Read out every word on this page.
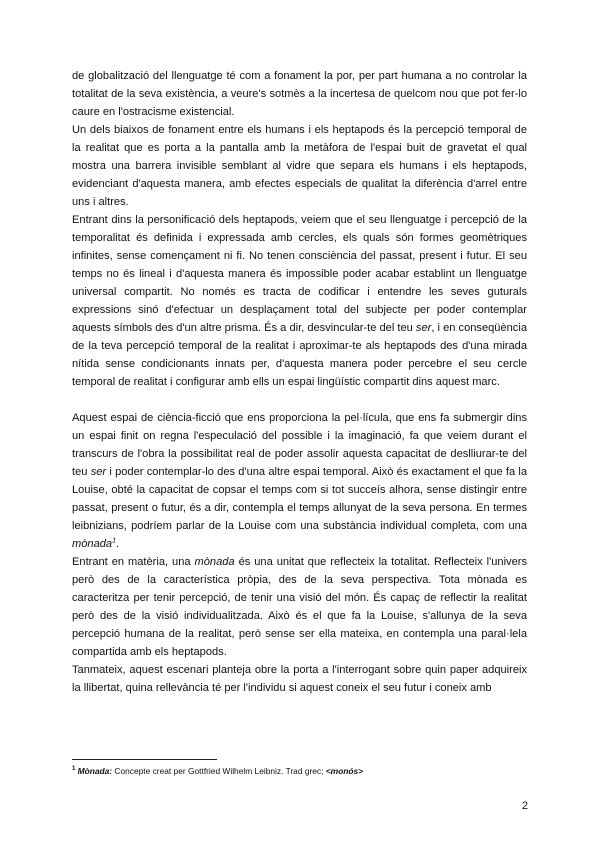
de globalització del llenguatge té com a fonament la por, per part humana a no controlar la totalitat de la seva existència, a veure's sotmès a la incertesa de quelcom nou que pot fer-lo caure en l'ostracisme existencial.

Un dels biaixos de fonament entre els humans i els heptapods és la percepció temporal de la realitat que es porta a la pantalla amb la metàfora de l'espai buit de gravetat el qual mostra una barrera invisible semblant al vidre que separa els humans i els heptapods, evidenciant d'aquesta manera, amb efectes especials de qualitat la diferència d'arrel entre uns i altres.

Entrant dins la personificació dels heptapods, veiem que el seu llenguatge i percepció de la temporalitat és definida i expressada amb cercles, els quals són formes geomètriques infinites, sense començament ni fi. No tenen consciència del passat, present i futur. El seu temps no és lineal i d'aquesta manera és impossible poder acabar establint un llenguatge universal compartit. No només es tracta de codificar i entendre les seves guturals expressions sinó d'efectuar un desplaçament total del subjecte per poder contemplar aquests símbols des d'un altre prisma. És a dir, desvincular-te del teu ser, i en conseqüència de la teva percepció temporal de la realitat i aproximar-te als heptapods des d'una mirada nítida sense condicionants innats per, d'aquesta manera poder percebre el seu cercle temporal de realitat i configurar amb ells un espai lingüístic compartit dins aquest marc.

Aquest espai de ciència-ficció que ens proporciona la pel·lícula, que ens fa submergir dins un espai finit on regna l'especulació del possible i la imaginació, fa que veiem durant el transcurs de l'obra la possibilitat real de poder assolir aquesta capacitat de deslliurar-te del teu ser i poder contemplar-lo des d'una altre espai temporal. Això és exactament el que fa la Louise, obté la capacitat de copsar el temps com si tot succeís alhora, sense distingir entre passat, present o futur, és a dir, contempla el temps allunyat de la seva persona. En termes leibnizians, podríem parlar de la Louise com una substància individual completa, com una mònada$^1$.

Entrant en matèria, una mònada és una unitat que reflecteix la totalitat. Reflecteix l'univers però des de la característica pròpia, des de la seva perspectiva. Tota mònada es caracteritza per tenir percepció, de tenir una visió del món. És capaç de reflectir la realitat però des de la visió individualitzada. Això és el que fa la Louise, s'allunya de la seva percepció humana de la realitat, però sense ser ella mateixa, en contempla una paral·lela compartida amb els heptapods.

Tanmateix, aquest escenari planteja obre la porta a l'interrogant sobre quin paper adquireix la llibertat, quina rellevància té per l'individu si aquest coneix el seu futur i coneix amb

$^1$ Mònada: Concepte creat per Gottfried Wilhelm Leibniz. Trad grec; <monós>
2
